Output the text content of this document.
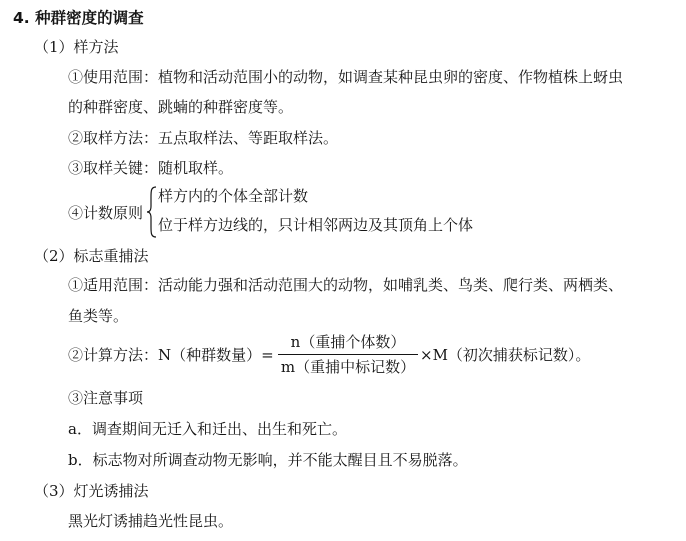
4. 种群密度的调查
（1）样方法
①使用范围：植物和活动范围小的动物，如调查某种昆虫卵的密度、作物植株上蚜虫
的种群密度、跳蝻的种群密度等。
②取样方法：五点取样法、等距取样法。
③取样关键：随机取样。
④计数原则
样方内的个体全部计数
位于样方边线的，只计相邻两边及其顶角上个体
（2）标志重捕法
①适用范围：活动能力强和活动范围大的动物，如哺乳类、鸟类、爬行类、两栖类、
鱼类等。
②计算方法：N（种群数量）=
n（重捕个体数）
m（重捕中标记数）
×M（初次捕获标记数）。
③注意事项
a．调查期间无迁入和迁出、出生和死亡。
b．标志物对所调查动物无影响，并不能太醒目且不易脱落。
（3）灯光诱捕法
黑光灯诱捕趋光性昆虫。
